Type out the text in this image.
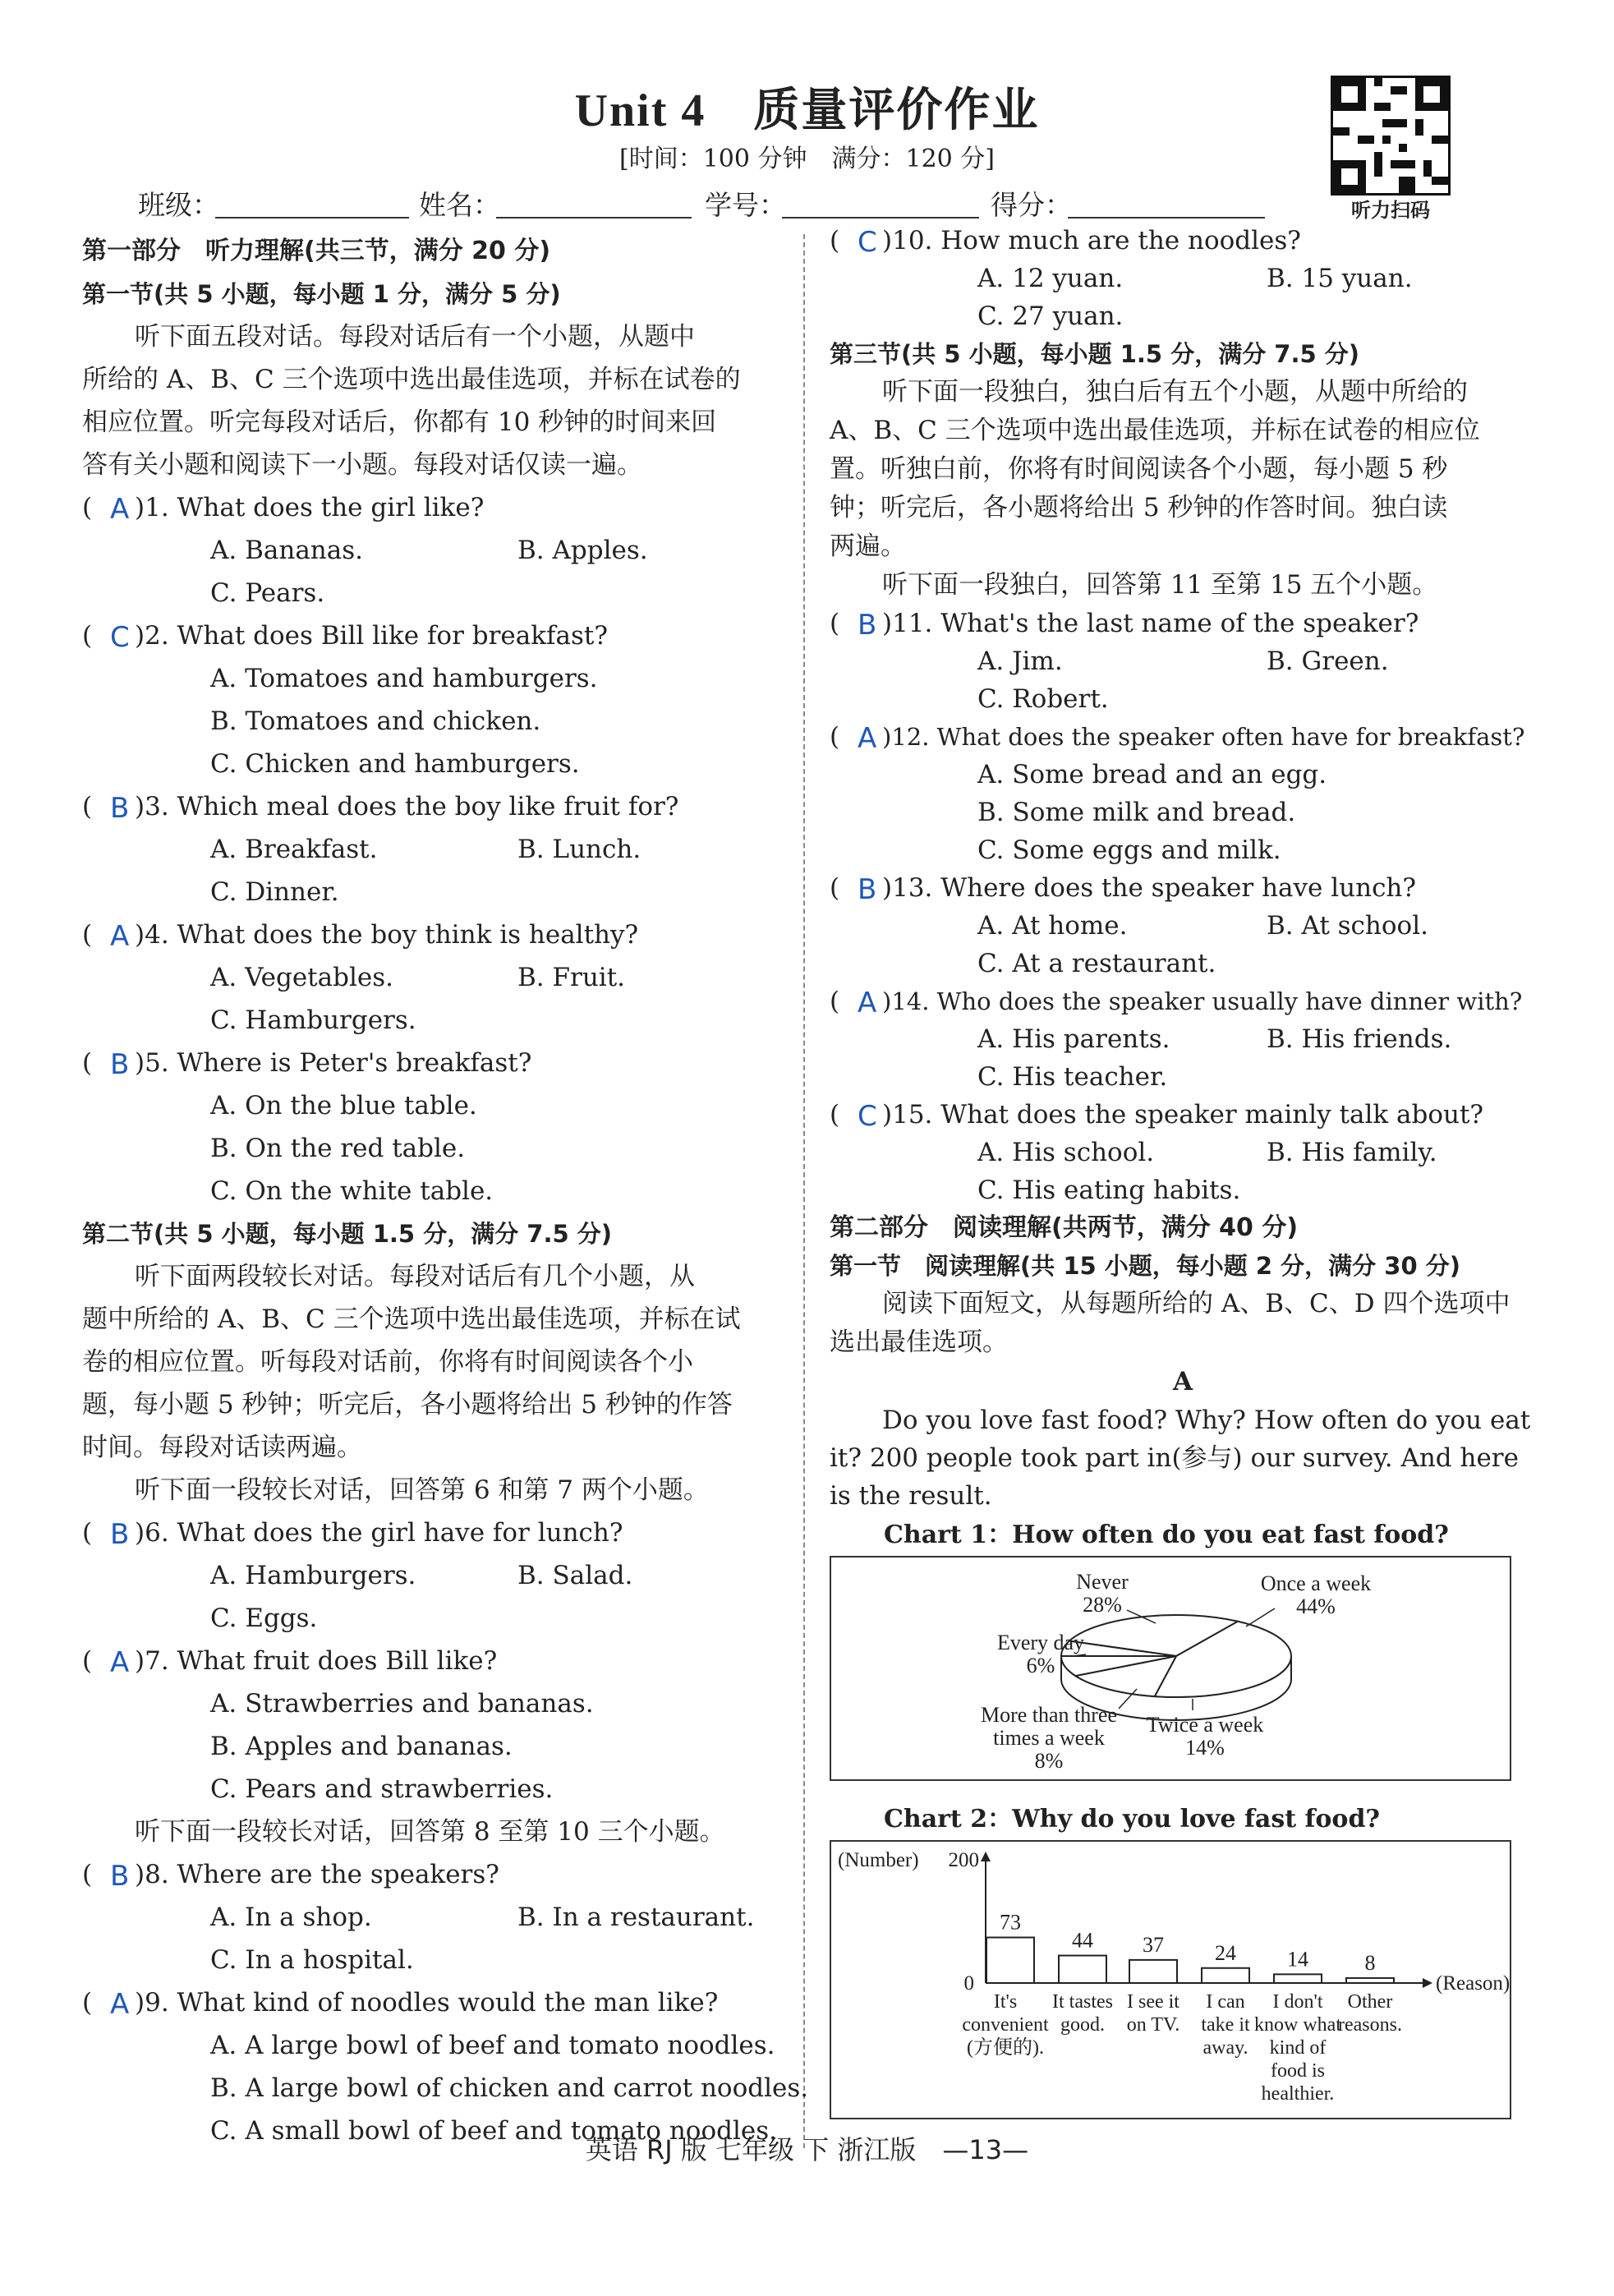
Unit 4　质量评价作业
[时间：100 分钟　满分：120 分]
听力扫码
班级：	姓名：	学号：	得分：
第一部分　听力理解(共三节，满分 20 分)
第一节(共 5 小题，每小题 1 分，满分 5 分)
听下面五段对话。每段对话后有一个小题，从题中
所给的 A、B、C 三个选项中选出最佳选项，并标在试卷的
相应位置。听完每段对话后，你都有 10 秒钟的时间来回
答有关小题和阅读下一小题。每段对话仅读一遍。
( A )1. What does the girl like?
A. Bananas.	B. Apples.
C. Pears.
( C )2. What does Bill like for breakfast?
A. Tomatoes and hamburgers.
B. Tomatoes and chicken.
C. Chicken and hamburgers.
( B )3. Which meal does the boy like fruit for?
A. Breakfast.	B. Lunch.
C. Dinner.
( A )4. What does the boy think is healthy?
A. Vegetables.	B. Fruit.
C. Hamburgers.
( B )5. Where is Peter's breakfast?
A. On the blue table.
B. On the red table.
C. On the white table.
第二节(共 5 小题，每小题 1.5 分，满分 7.5 分)
听下面两段较长对话。每段对话后有几个小题，从
题中所给的 A、B、C 三个选项中选出最佳选项，并标在试
卷的相应位置。听每段对话前，你将有时间阅读各个小
题，每小题 5 秒钟；听完后，各小题将给出 5 秒钟的作答
时间。每段对话读两遍。
听下面一段较长对话，回答第 6 和第 7 两个小题。
( B )6. What does the girl have for lunch?
A. Hamburgers.	B. Salad.
C. Eggs.
( A )7. What fruit does Bill like?
A. Strawberries and bananas.
B. Apples and bananas.
C. Pears and strawberries.
听下面一段较长对话，回答第 8 至第 10 三个小题。
( B )8. Where are the speakers?
A. In a shop.	B. In a restaurant.
C. In a hospital.
( A )9. What kind of noodles would the man like?
A. A large bowl of beef and tomato noodles.
B. A large bowl of chicken and carrot noodles.
C. A small bowl of beef and tomato noodles.
( C )10. How much are the noodles?
A. 12 yuan.	B. 15 yuan.
C. 27 yuan.
第三节(共 5 小题，每小题 1.5 分，满分 7.5 分)
听下面一段独白，独白后有五个小题，从题中所给的
A、B、C 三个选项中选出最佳选项，并标在试卷的相应位
置。听独白前，你将有时间阅读各个小题，每小题 5 秒
钟；听完后，各小题将给出 5 秒钟的作答时间。独白读
两遍。
听下面一段独白，回答第 11 至第 15 五个小题。
( B )11. What's the last name of the speaker?
A. Jim.	B. Green.
C. Robert.
( A )12. What does the speaker often have for breakfast?
A. Some bread and an egg.
B. Some milk and bread.
C. Some eggs and milk.
( B )13. Where does the speaker have lunch?
A. At home.	B. At school.
C. At a restaurant.
( A )14. Who does the speaker usually have dinner with?
A. His parents.	B. His friends.
C. His teacher.
( C )15. What does the speaker mainly talk about?
A. His school.	B. His family.
C. His eating habits.
第二部分　阅读理解(共两节，满分 40 分)
第一节　阅读理解(共 15 小题，每小题 2 分，满分 30 分)
阅读下面短文，从每题所给的 A、B、C、D 四个选项中
选出最佳选项。
A
Do you love fast food? Why? How often do you eat
it? 200 people took part in(参与) our survey. And here
is the result.
Chart 1：How often do you eat fast food?
Never
28%
Once a week
44%
Every day
6%
More than three
times a week
8%
Twice a week
14%
Chart 2：Why do you love fast food?
(Number) 200
0	(Reason)
73
It's
convenient
(方便的).
44
It tastes
good.
37
I see it
on TV.
24
I can
take it
away.
14
I don't
know what
kind of
food is
healthier.
8
Other
reasons.
英语 RJ 版 七年级 下 浙江版　—13—
